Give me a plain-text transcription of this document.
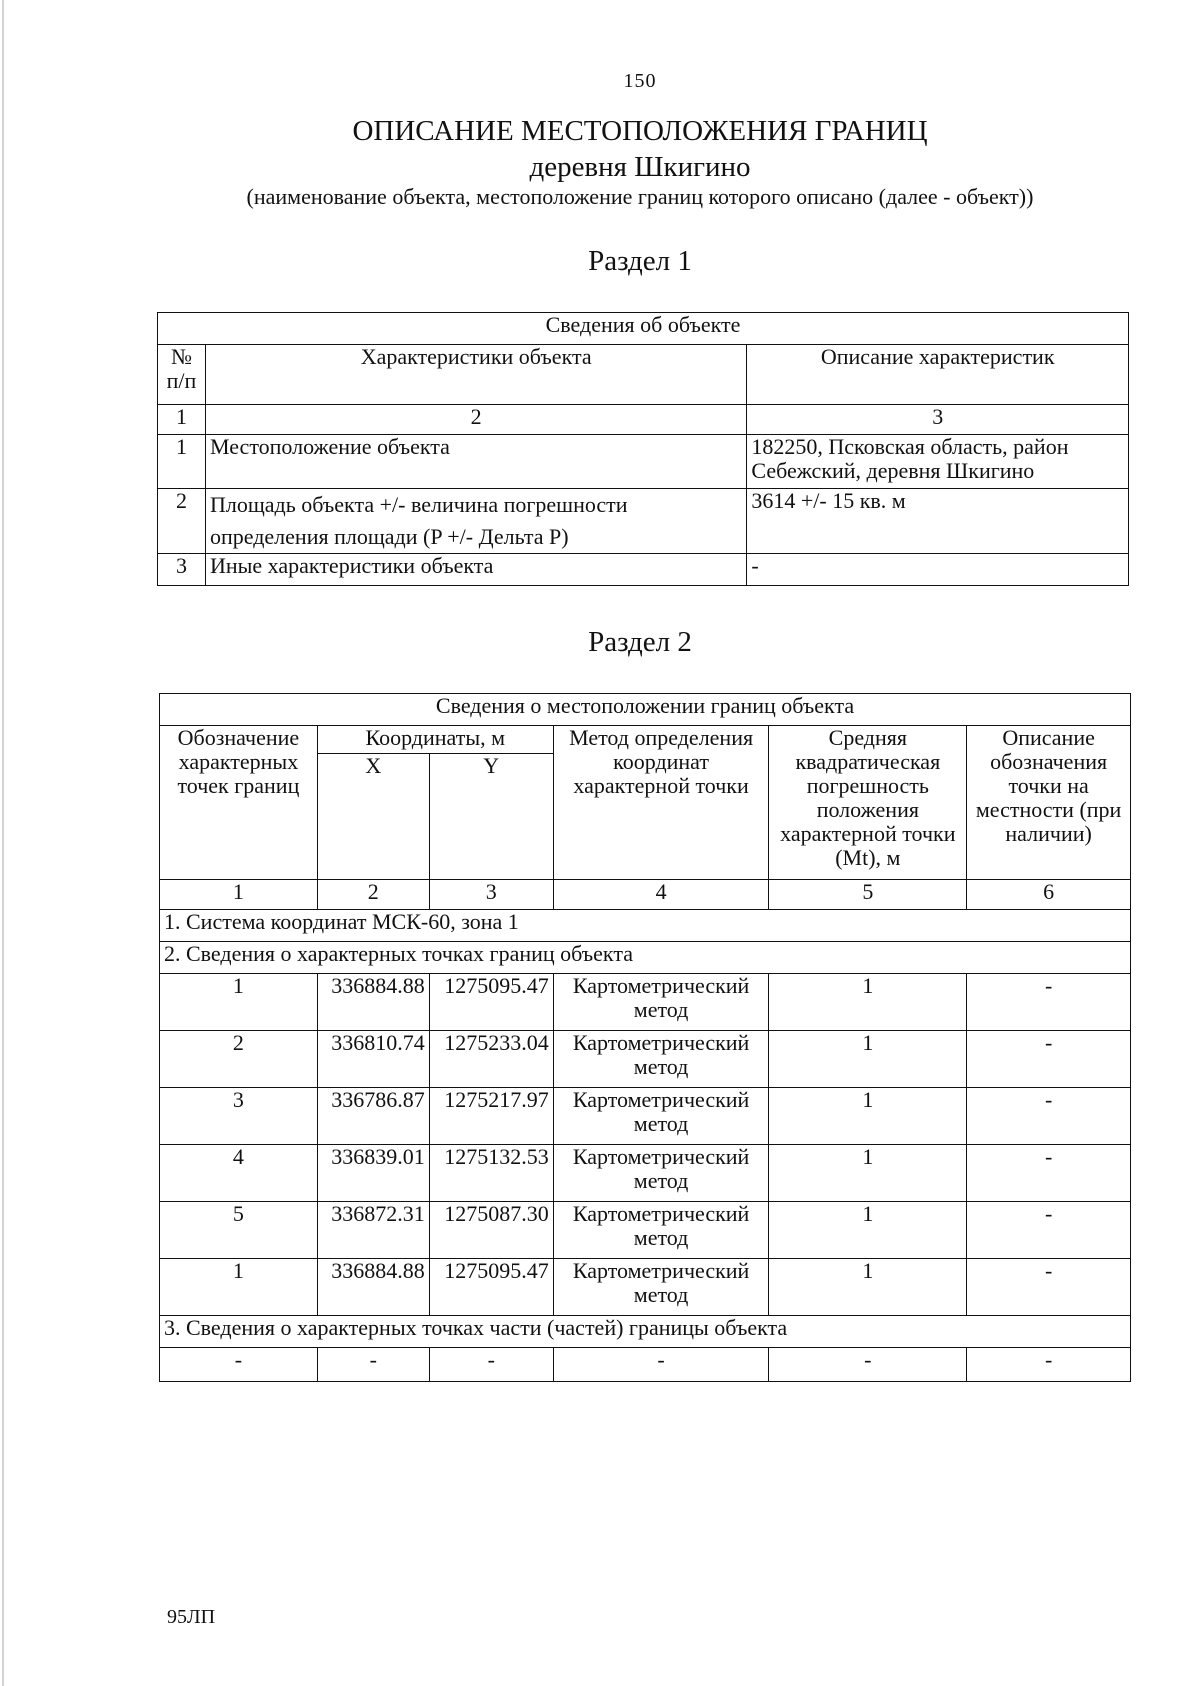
150
ОПИСАНИЕ МЕСТОПОЛОЖЕНИЯ ГРАНИЦ
деревня Шкигино
(наименование объекта, местоположение границ которого описано (далее - объект))
Раздел 1
Сведения об объекте		
№ п/п	Характеристики объекта	Описание характеристик
1	2	3
1	Местоположение объекта	182250, Псковская область, район Себежский, деревня Шкигино
2	Площадь объекта +/- величина погрешности определения площади (P +/- Дельта P)	3614 +/- 15 кв. м
3	Иные характеристики объекта	-
Раздел 2
Сведения о местоположении границ объекта					
Обозначение характерных точек границ	Координаты, м		Метод определения координат характерной точки	Средняя квадратическая погрешность положения характерной точки (Mt), м	Описание обозначения точки на местности (при наличии)
	X	Y			
1	2	3	4	5	6
1. Система координат МСК-60, зона 1					
2. Сведения о характерных точках границ объекта					
1	336884.88	1275095.47	Картометрический метод	1	-
2	336810.74	1275233.04	Картометрический метод	1	-
3	336786.87	1275217.97	Картометрический метод	1	-
4	336839.01	1275132.53	Картометрический метод	1	-
5	336872.31	1275087.30	Картометрический метод	1	-
1	336884.88	1275095.47	Картометрический метод	1	-
3. Сведения о характерных точках части (частей) границы объекта					
-	-	-	-	-	-
95ЛП
